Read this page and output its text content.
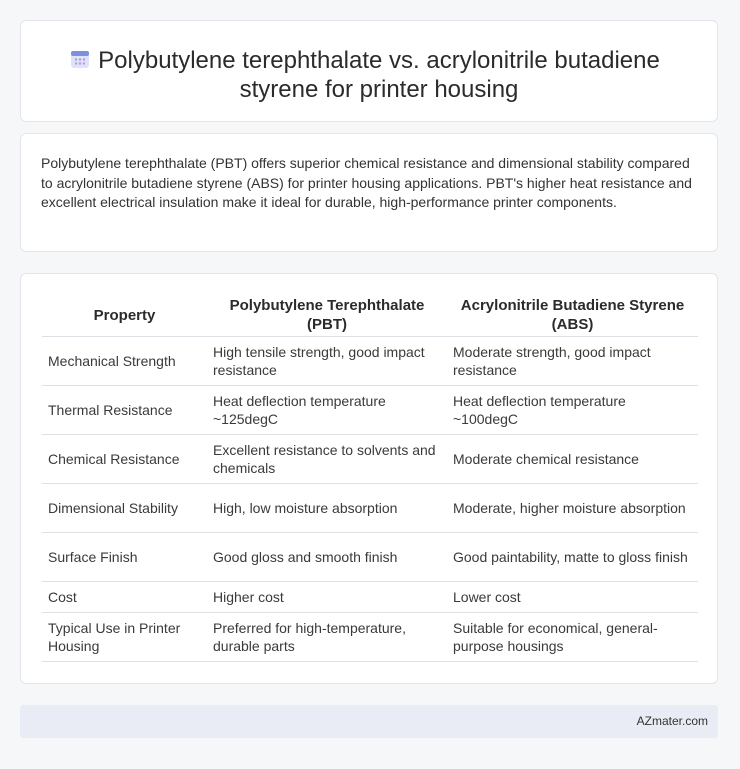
Polybutylene terephthalate vs. acrylonitrile butadiene styrene for printer housing

Polybutylene terephthalate (PBT) offers superior chemical resistance and dimensional stability compared to acrylonitrile butadiene styrene (ABS) for printer housing applications. PBT's higher heat resistance and excellent electrical insulation make it ideal for durable, high-performance printer components.

Property	Polybutylene Terephthalate (PBT)	Acrylonitrile Butadiene Styrene (ABS)
Mechanical Strength	High tensile strength, good impact resistance	Moderate strength, good impact resistance
Thermal Resistance	Heat deflection temperature ~125degC	Heat deflection temperature ~100degC
Chemical Resistance	Excellent resistance to solvents and chemicals	Moderate chemical resistance
Dimensional Stability	High, low moisture absorption	Moderate, higher moisture absorption
Surface Finish	Good gloss and smooth finish	Good paintability, matte to gloss finish
Cost	Higher cost	Lower cost
Typical Use in Printer Housing	Preferred for high-temperature, durable parts	Suitable for economical, general-purpose housings
AZmater.com
